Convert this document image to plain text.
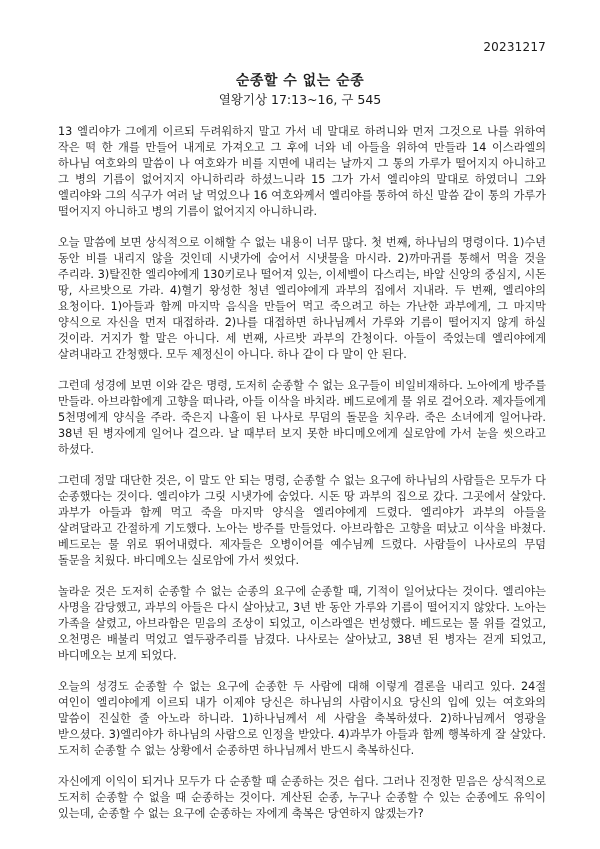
20231217
순종할 수 없는 순종
열왕기상 17:13~16, 구 545

13 엘리야가 그에게 이르되 두려워하지 말고 가서 네 말대로 하려니와 먼저 그것으로 나를 위하여 작은 떡 한 개를 만들어 내게로 가져오고 그 후에 너와 네 아들을 위하여 만들라 14 이스라엘의 하나님 여호와의 말씀이 나 여호와가 비를 지면에 내리는 날까지 그 통의 가루가 떨어지지 아니하고 그 병의 기름이 없어지지 아니하리라 하셨느니라 15 그가 가서 엘리야의 말대로 하였더니 그와 엘리야와 그의 식구가 여러 날 먹었으나 16 여호와께서 엘리야를 통하여 하신 말씀 같이 통의 가루가 떨어지지 아니하고 병의 기름이 없어지지 아니하니라.

오늘 말씀에 보면 상식적으로 이해할 수 없는 내용이 너무 많다. 첫 번째, 하나님의 명령이다. 1)수년 동안 비를 내리지 않을 것인데 시냇가에 숨어서 시냇물을 마시라. 2)까마귀를 통해서 먹을 것을 주리라. 3)탈진한 엘리야에게 130키로나 떨어져 있는, 이세벨이 다스리는, 바알 신앙의 중심지, 시돈 땅, 사르밧으로 가라. 4)혈기 왕성한 청년 엘리야에게 과부의 집에서 지내라. 두 번째, 엘리야의 요청이다. 1)아들과 함께 마지막 음식을 만들어 먹고 죽으려고 하는 가난한 과부에게, 그 마지막 양식으로 자신을 먼저 대접하라. 2)나를 대접하면 하나님께서 가루와 기름이 떨어지지 않게 하실 것이라. 거지가 할 말은 아니다. 세 번째, 사르밧 과부의 간청이다. 아들이 죽었는데 엘리야에게 살려내라고 간청했다. 모두 제정신이 아니다. 하나 같이 다 말이 안 된다.

그런데 성경에 보면 이와 같은 명령, 도저히 순종할 수 없는 요구들이 비일비재하다. 노아에게 방주를 만들라. 아브라함에게 고향을 떠나라, 아들 이삭을 바치라. 베드로에게 물 위로 걸어오라. 제자들에게 5천명에게 양식을 주라. 죽은지 나흘이 된 나사로 무덤의 돌문을 치우라. 죽은 소녀에게 일어나라. 38년 된 병자에게 일어나 걸으라. 날 때부터 보지 못한 바디메오에게 실로암에 가서 눈을 씻으라고 하셨다.

그런데 정말 대단한 것은, 이 말도 안 되는 명령, 순종할 수 없는 요구에 하나님의 사람들은 모두가 다 순종했다는 것이다. 엘리야가 그릿 시냇가에 숨었다. 시돈 땅 과부의 집으로 갔다. 그곳에서 살았다. 과부가 아들과 함께 먹고 죽을 마지막 양식을 엘리야에게 드렸다. 엘리야가 과부의 아들을 살려달라고 간절하게 기도했다. 노아는 방주를 만들었다. 아브라함은 고향을 떠났고 이삭을 바쳤다. 베드로는 물 위로 뛰어내렸다. 제자들은 오병이어를 예수님께 드렸다. 사람들이 나사로의 무덤 돌문을 치웠다. 바디메오는 실로암에 가서 씻었다.

놀라운 것은 도저히 순종할 수 없는 순종의 요구에 순종할 때, 기적이 일어났다는 것이다. 엘리야는 사명을 감당했고, 과부의 아들은 다시 살아났고, 3년 반 동안 가루와 기름이 떨어지지 않았다. 노아는 가족을 살렸고, 아브라함은 믿음의 조상이 되었고, 이스라엘은 번성했다. 베드로는 물 위를 걸었고, 오천명은 배불리 먹었고 열두광주리를 남겼다. 나사로는 살아났고, 38년 된 병자는 걷게 되었고, 바디메오는 보게 되었다.

오늘의 성경도 순종할 수 없는 요구에 순종한 두 사람에 대해 이렇게 결론을 내리고 있다. 24절 여인이 엘리야에게 이르되 내가 이제야 당신은 하나님의 사람이시요 당신의 입에 있는 여호와의 말씀이 진실한 줄 아노라 하니라. 1)하나님께서 세 사람을 축복하셨다. 2)하나님께서 영광을 받으셨다. 3)엘리야가 하나님의 사람으로 인정을 받았다. 4)과부가 아들과 함께 행복하게 잘 살았다. 도저히 순종할 수 없는 상황에서 순종하면 하나님께서 반드시 축복하신다.

자신에게 이익이 되거나 모두가 다 순종할 때 순종하는 것은 쉽다. 그러나 진정한 믿음은 상식적으로 도저히 순종할 수 없을 때 순종하는 것이다. 계산된 순종, 누구나 순종할 수 있는 순종에도 유익이 있는데, 순종할 수 없는 요구에 순종하는 자에게 축복은 당연하지 않겠는가?
